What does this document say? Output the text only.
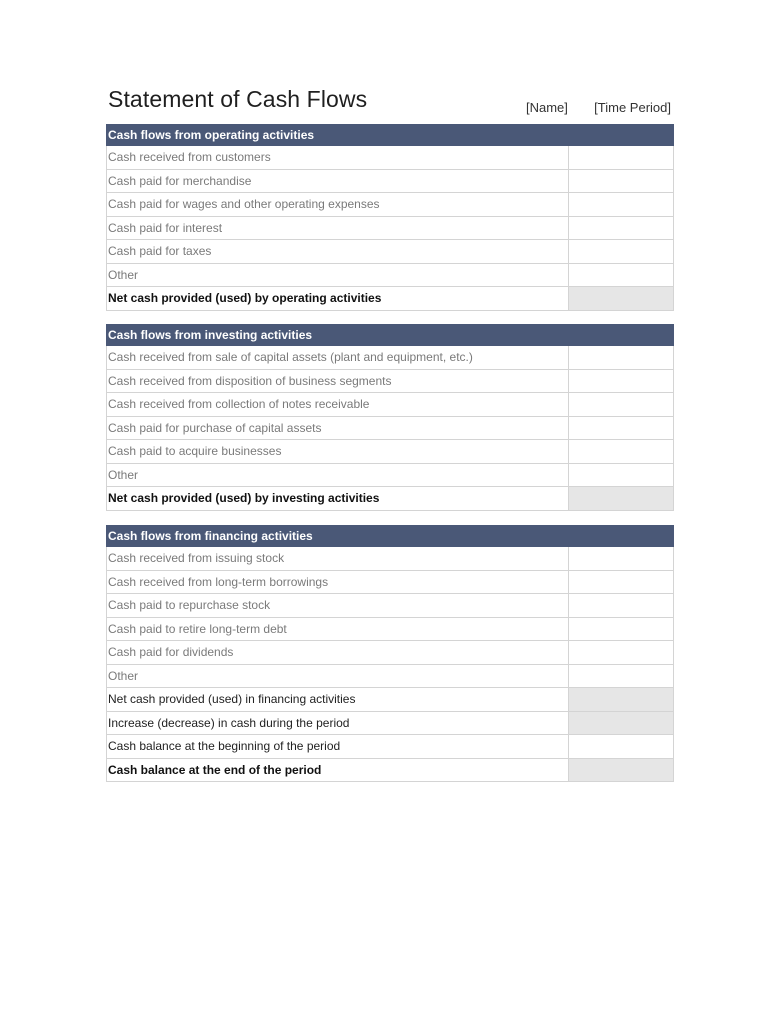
Statement of Cash Flows	[Name] [Time Period]
Cash flows from operating activities
Cash received from customers
Cash paid for merchandise
Cash paid for wages and other operating expenses
Cash paid for interest
Cash paid for taxes
Other
Net cash provided (used) by operating activities
Cash flows from investing activities
Cash received from sale of capital assets (plant and equipment, etc.)
Cash received from disposition of business segments
Cash received from collection of notes receivable
Cash paid for purchase of capital assets
Cash paid to acquire businesses
Other
Net cash provided (used) by investing activities
Cash flows from financing activities
Cash received from issuing stock
Cash received from long-term borrowings
Cash paid to repurchase stock
Cash paid to retire long-term debt
Cash paid for dividends
Other
Net cash provided (used) in financing activities
Increase (decrease) in cash during the period
Cash balance at the beginning of the period
Cash balance at the end of the period
